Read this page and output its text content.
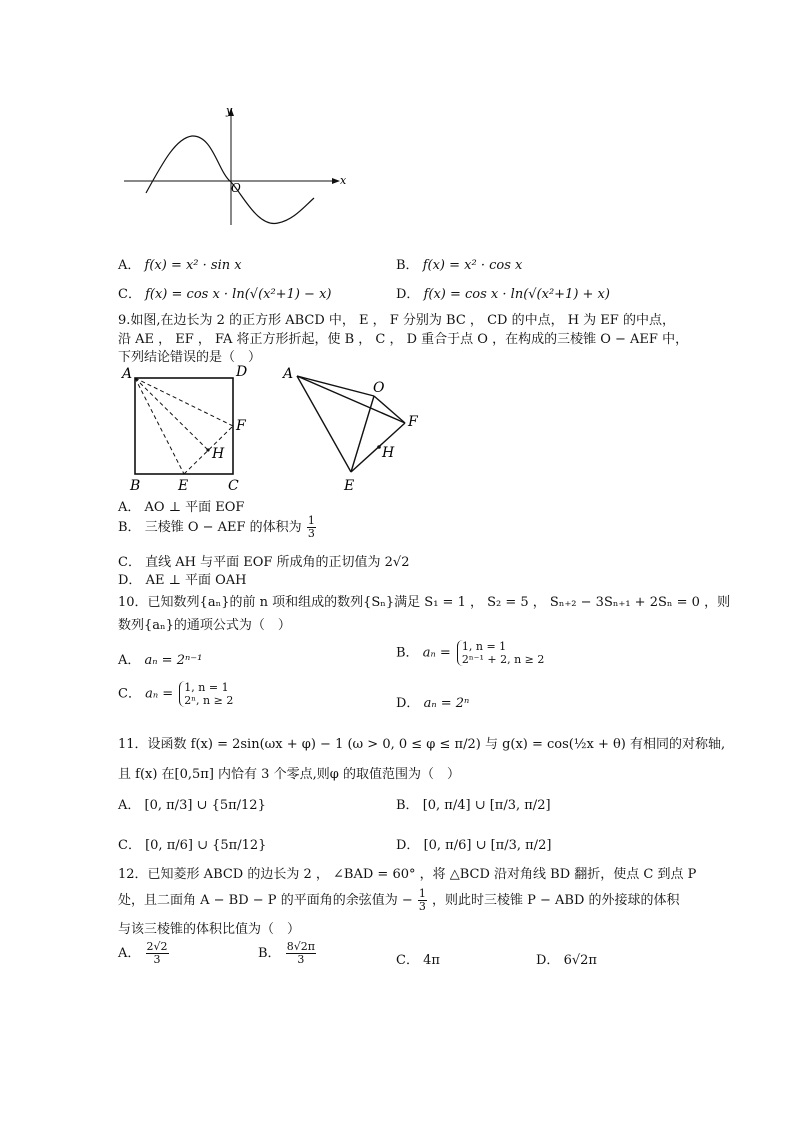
y
x
O
A． f(x) = x² · sin x	B． f(x) = x² · cos x
C． f(x) = cos x · ln(√(x²+1) − x)	D． f(x) = cos x · ln(√(x²+1) + x)
9.如图,在边长为 2 的正方形 ABCD 中， E ， F 分别为 BC ， CD 的中点， H 为 EF 的中点，
沿 AE ， EF ， FA 将正方形折起，使 B ， C ， D 重合于点 O ，在构成的三棱锥 O − AEF 中，
下列结论错误的是（　）
A	D
F
H
B	E	C
A
O
F
H
E
A． AO ⊥ 平面 EOF
B． 三棱锥 O − AEF 的体积为 $\frac{1}{3}$
C． 直线 AH 与平面 EOF 所成角的正切值为 2√2
D． AE ⊥ 平面 OAH
10．已知数列{aₙ}的前 n 项和组成的数列{Sₙ}满足 S₁ = 1 ， S₂ = 5 ， Sₙ₊₂ − 3Sₙ₊₁ + 2Sₙ = 0 ，则
数列{aₙ}的通项公式为（　）
A． aₙ = 2ⁿ⁻¹	B． aₙ = 1, n = 1
2ⁿ⁻¹ + 2, n ≥ 2
C． aₙ = 1, n = 1
2ⁿ, n ≥ 2	D． aₙ = 2ⁿ
11．设函数 f(x) = 2sin(ωx + φ) − 1 (ω > 0, 0 ≤ φ ≤ π/2) 与 g(x) = cos(½x + θ) 有相同的对称轴,
且 f(x) 在[0,5π] 内恰有 3 个零点,则φ 的取值范围为（　）
A． [0, π/3] ∪ {5π/12}	B． [0, π/4] ∪ [π/3, π/2]
C． [0, π/6] ∪ {5π/12}	D． [0, π/6] ∪ [π/3, π/2]
12．已知菱形 ABCD 的边长为 2 ， ∠BAD = 60° ，将 △BCD 沿对角线 BD 翻折，使点 C 到点 P
处，且二面角 A − BD − P 的平面角的余弦值为 − $\frac{1}{3}$ ，则此时三棱锥 P − ABD 的外接球的体积
与该三棱锥的体积比值为（　）
A． $\frac{2√2}{3}$	B． $\frac{8√2\pi}{3}$	C． 4π	D． 6√2π
